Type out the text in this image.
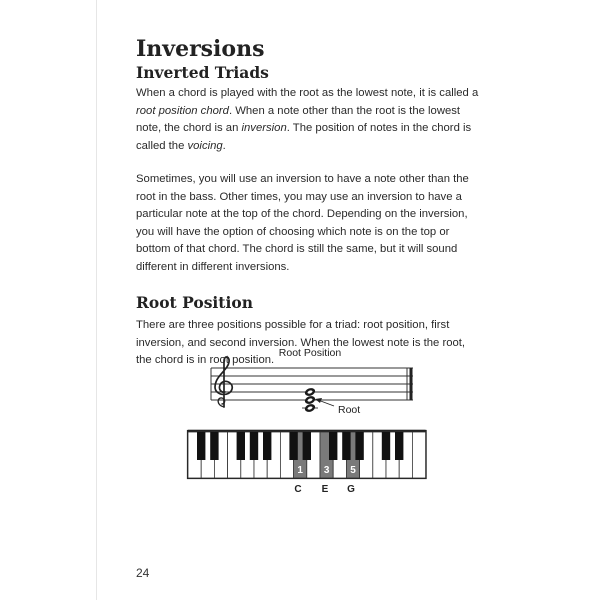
Inversions
Inverted Triads

When a chord is played with the root as the lowest note, it is called a root position chord. When a note other than the root is the lowest note, the chord is an inversion. The position of notes in the chord is called the voicing.

Sometimes, you will use an inversion to have a note other than the root in the bass. Other times, you may use an inversion to have a particular note at the top of the chord. Depending on the inversion, you will have the option of choosing which note is on the top or bottom of that chord. The chord is still the same, but it will sound different in different inversions.

Root Position

There are three positions possible for a triad: root position, first inversion, and second inversion. When the lowest note is the root, the chord is in root position.

Root Position
Root
1 3 5
C E G
24
